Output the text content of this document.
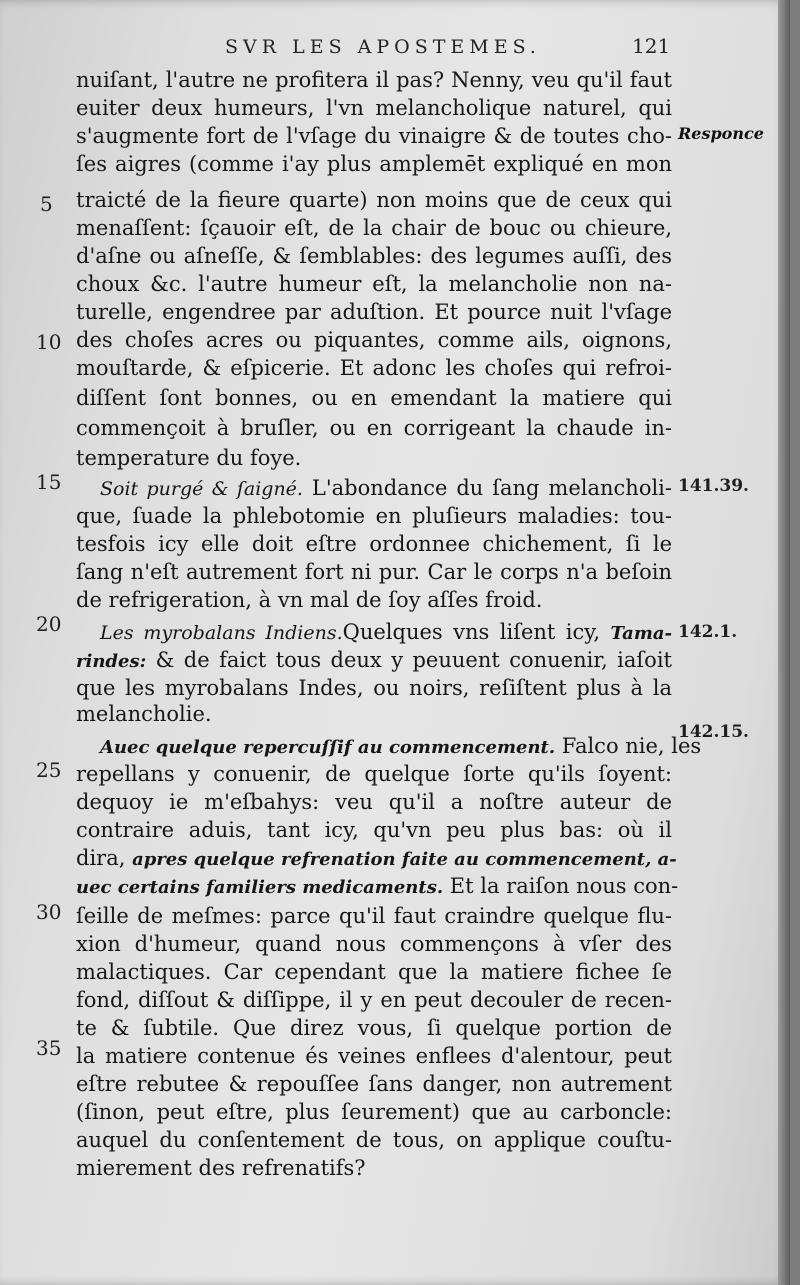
SVR LES APOSTEMES.	121
Responce
5
10
15
20
25
30
35
141.39.
142.1.
142.15.
nuiſant, l'autre ne profitera il pas? Nenny, veu qu'il faut
euiter deux humeurs, l'vn melancholique naturel, qui
s'augmente fort de l'vſage du vinaigre & de toutes cho-
ſes aigres (comme i'ay plus amplemēt expliqué en mon
traicté de la fieure quarte) non moins que de ceux qui
menaſſent: ſçauoir eſt, de la chair de bouc ou chieure,
d'aſne ou aſneſſe, & ſemblables: des legumes auſſi, des
choux &c. l'autre humeur eſt, la melancholie non na-
turelle, engendree par aduſtion. Et pource nuit l'vſage
des choſes acres ou piquantes, comme ails, oignons,
mouſtarde, & eſpicerie. Et adonc les choſes qui refroi-
diſſent ſont bonnes, ou en emendant la matiere qui
commençoit à bruſler, ou en corrigeant la chaude in-
temperature du foye.
Soit purgé & ſaigné. L'abondance du ſang melancholi-
que, ſuade la phlebotomie en pluſieurs maladies: tou-
tesfois icy elle doit eſtre ordonnee chichement, ſi le
ſang n'eſt autrement fort ni pur. Car le corps n'a beſoin
de refrigeration, à vn mal de ſoy aſſes froid.
Les myrobalans Indiens.Quelques vns liſent icy, Tama-
rindes: & de faict tous deux y peuuent conuenir, iaſoit
que les myrobalans Indes, ou noirs, reſiſtent plus à la
melancholie.
Auec quelque repercuſſif au commencement. Falco nie, les
repellans y conuenir, de quelque ſorte qu'ils ſoyent:
dequoy ie m'eſbahys: veu qu'il a noſtre auteur de
contraire aduis, tant icy, qu'vn peu plus bas: où il
dira, apres quelque refrenation faite au commencement, a-
uec certains familiers medicaments. Et la raiſon nous con-
ſeille de meſmes: parce qu'il faut craindre quelque flu-
xion d'humeur, quand nous commençons à vſer des
malactiques. Car cependant que la matiere fichee ſe
fond, diſſout & diſſippe, il y en peut decouler de recen-
te & ſubtile. Que direz vous, ſi quelque portion de
la matiere contenue és veines enflees d'alentour, peut
eſtre rebutee & repouſſee ſans danger, non autrement
(ſinon, peut eſtre, plus ſeurement) que au carboncle:
auquel du conſentement de tous, on applique couſtu-
mierement des refrenatifs?
